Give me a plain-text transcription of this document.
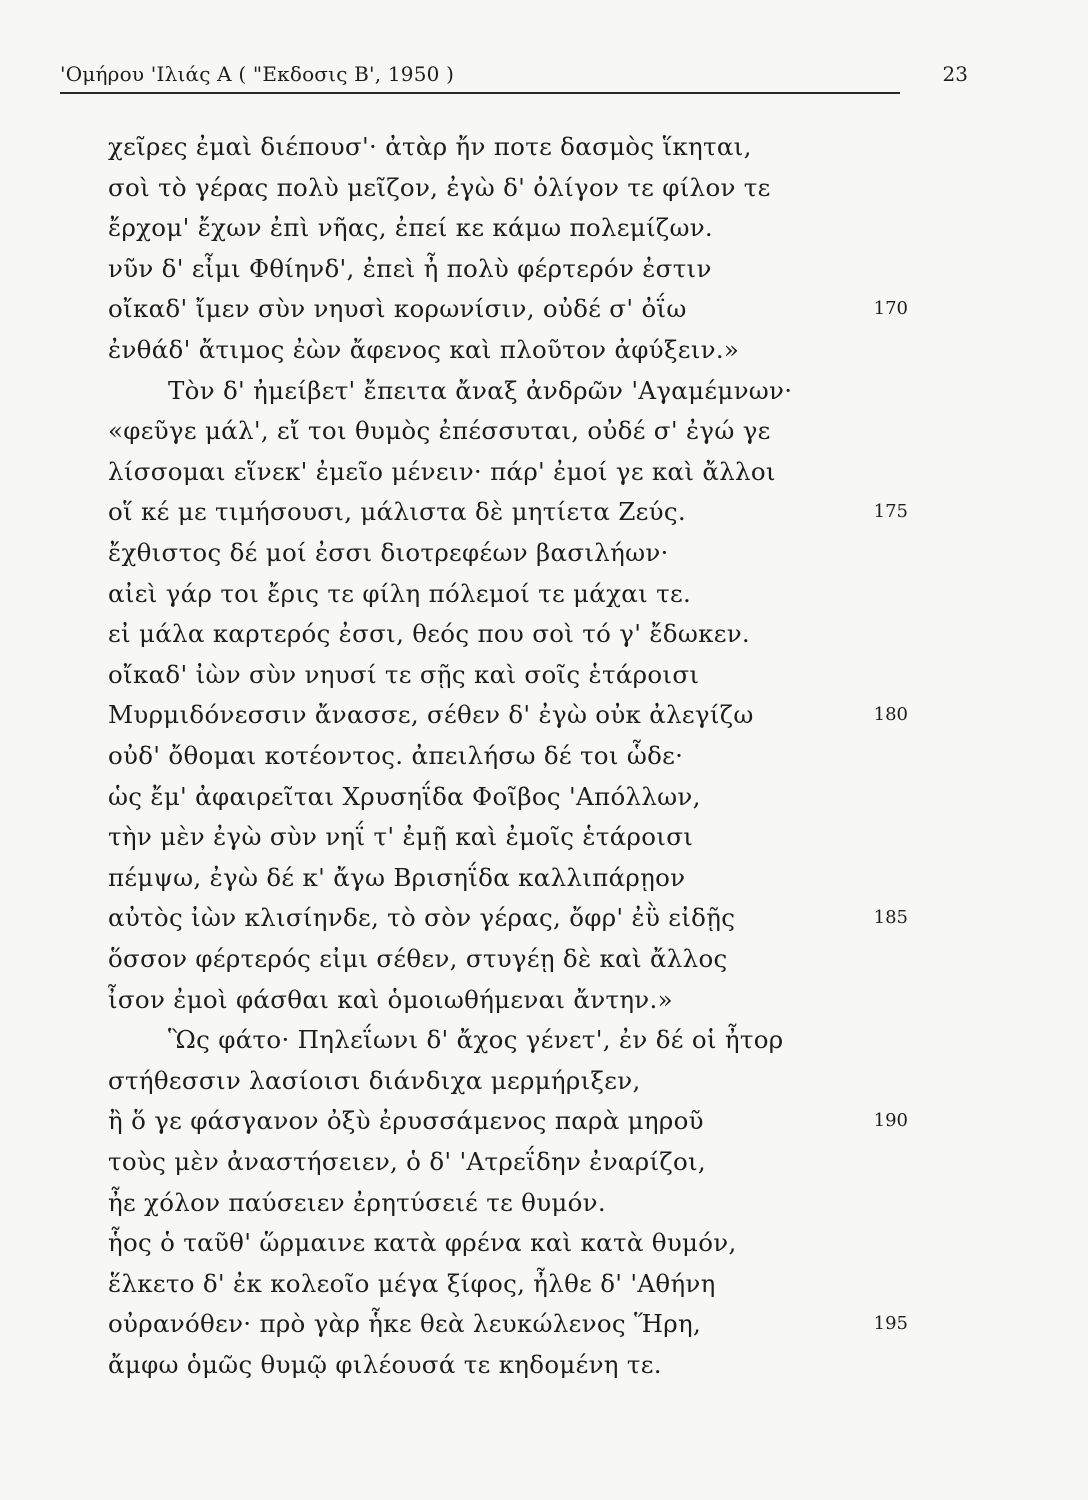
'Ομήρου 'Ιλιάς Α ( "Εκδοσις Β', 1950 )	23
χεῖρες ἐμαὶ διέπουσ'· ἀτὰρ ἤν ποτε δασμὸς ἵκηται,
σοὶ τὸ γέρας πολὺ μεῖζον, ἐγὼ δ' ὀλίγον τε φίλον τε
ἔρχομ' ἔχων ἐπὶ νῆας, ἐπεί κε κάμω πολεμίζων.
νῦν δ' εἶμι Φθίηνδ', ἐπεὶ ἦ πολὺ φέρτερόν ἐστιν
οἴκαδ' ἴμεν σὺν νηυσὶ κορωνίσιν, οὐδέ σ' ὀΐω	170
ἐνθάδ' ἄτιμος ἐὼν ἄφενος καὶ πλοῦτον ἀφύξειν.»
Τὸν δ' ἠμείβετ' ἔπειτα ἄναξ ἀνδρῶν 'Αγαμέμνων·
«φεῦγε μάλ', εἴ τοι θυμὸς ἐπέσσυται, οὐδέ σ' ἐγώ γε
λίσσομαι εἵνεκ' ἐμεῖο μένειν· πάρ' ἐμοί γε καὶ ἄλλοι
οἵ κέ με τιμήσουσι, μάλιστα δὲ μητίετα Ζεύς.	175
ἔχθιστος δέ μοί ἐσσι διοτρεφέων βασιλήων·
αἰεὶ γάρ τοι ἔρις τε φίλη πόλεμοί τε μάχαι τε.
εἰ μάλα καρτερός ἐσσι, θεός που σοὶ τό γ' ἔδωκεν.
οἴκαδ' ἰὼν σὺν νηυσί τε σῇς καὶ σοῖς ἑτάροισι
Μυρμιδόνεσσιν ἄνασσε, σέθεν δ' ἐγὼ οὐκ ἀλεγίζω	180
οὐδ' ὄθομαι κοτέοντος. ἀπειλήσω δέ τοι ὧδε·
ὡς ἔμ' ἀφαιρεῖται Χρυσηΐδα Φοῖβος 'Απόλλων,
τὴν μὲν ἐγὼ σὺν νηΐ τ' ἐμῇ καὶ ἐμοῖς ἑτάροισι
πέμψω, ἐγὼ δέ κ' ἄγω Βρισηΐδα καλλιπάρῃον
αὐτὸς ἰὼν κλισίηνδε, τὸ σὸν γέρας, ὄφρ' ἐῢ εἰδῇς	185
ὅσσον φέρτερός εἰμι σέθεν, στυγέῃ δὲ καὶ ἄλλος
ἶσον ἐμοὶ φάσθαι καὶ ὁμοιωθήμεναι ἄντην.»
Ὣς φάτο· Πηλεΐωνι δ' ἄχος γένετ', ἐν δέ οἱ ἦτορ
στήθεσσιν λασίοισι διάνδιχα μερμήριξεν,
ἢ ὅ γε φάσγανον ὀξὺ ἐρυσσάμενος παρὰ μηροῦ	190
τοὺς μὲν ἀναστήσειεν, ὁ δ' 'Ατρεΐδην ἐναρίζοι,
ἦε χόλον παύσειεν ἐρητύσειέ τε θυμόν.
ἧος ὁ ταῦθ' ὥρμαινε κατὰ φρένα καὶ κατὰ θυμόν,
ἕλκετο δ' ἐκ κολεοῖο μέγα ξίφος, ἦλθε δ' 'Αθήνη
οὐρανόθεν· πρὸ γὰρ ἧκε θεὰ λευκώλενος Ἥρη,	195
ἄμφω ὁμῶς θυμῷ φιλέουσά τε κηδομένη τε.
